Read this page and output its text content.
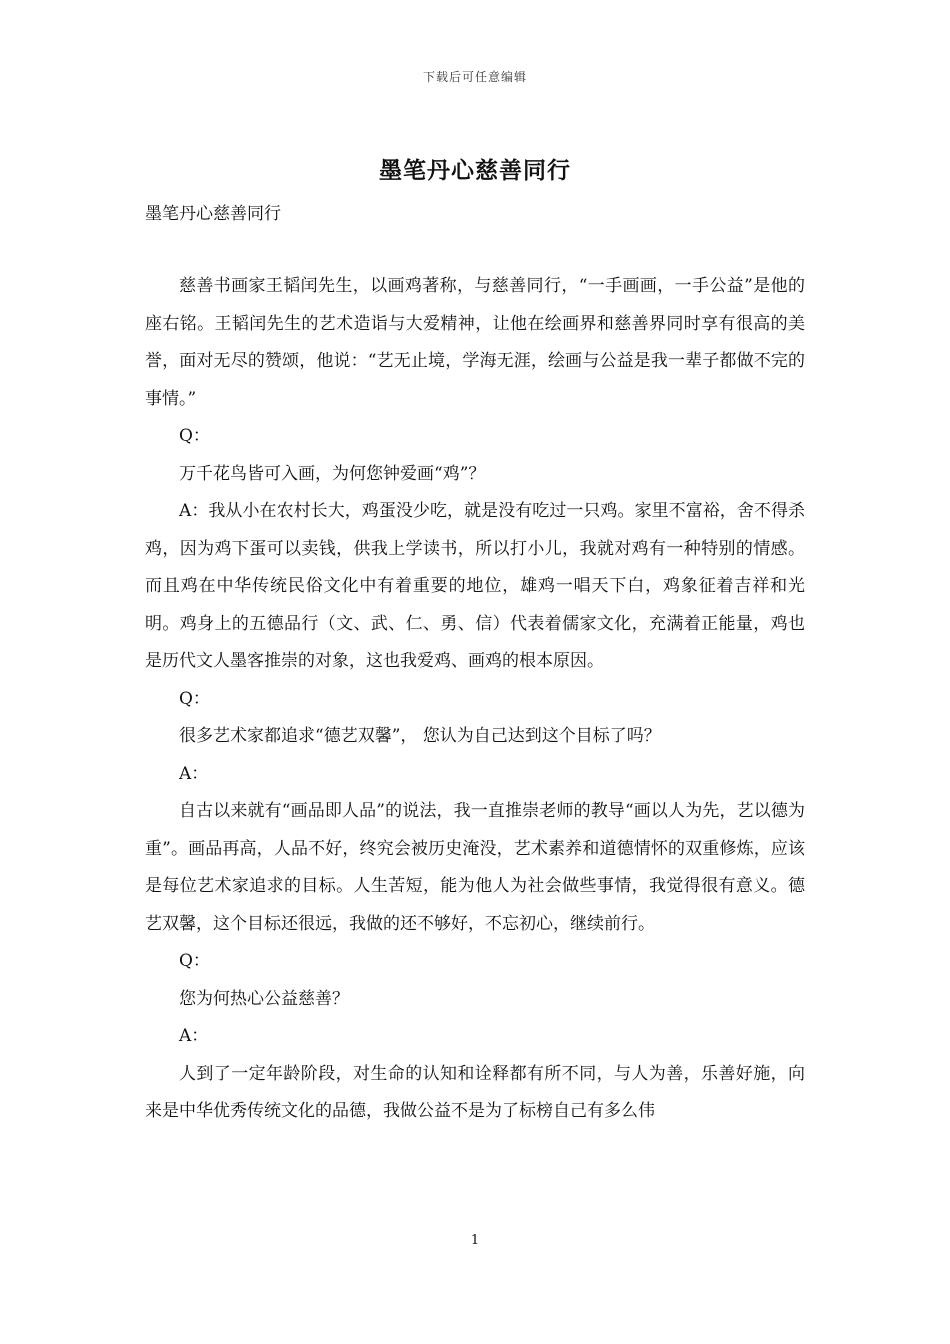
下载后可任意编辑
墨笔丹心慈善同行
墨笔丹心慈善同行

慈善书画家王韬闰先生，以画鸡著称，与慈善同行，“一手画画，一手公益”是他的座右铭。王韬闰先生的艺术造诣与大爱精神，让他在绘画界和慈善界同时享有很高的美誉，面对无尽的赞颂，他说：“艺无止境，学海无涯，绘画与公益是我一辈子都做不完的事情。”

Q：

万千花鸟皆可入画，为何您钟爱画“鸡”？

A：我从小在农村长大，鸡蛋没少吃，就是没有吃过一只鸡。家里不富裕，舍不得杀鸡，因为鸡下蛋可以卖钱，供我上学读书，所以打小儿，我就对鸡有一种特别的情感。而且鸡在中华传统民俗文化中有着重要的地位，雄鸡一唱天下白，鸡象征着吉祥和光明。鸡身上的五德品行（文、武、仁、勇、信）代表着儒家文化，充满着正能量，鸡也是历代文人墨客推崇的对象，这也我爱鸡、画鸡的根本原因。

Q：

很多艺术家都追求“德艺双馨”， 您认为自己达到这个目标了吗？

A：

自古以来就有“画品即人品”的说法，我一直推崇老师的教导“画以人为先，艺以德为重”。画品再高，人品不好，终究会被历史淹没，艺术素养和道德情怀的双重修炼，应该是每位艺术家追求的目标。人生苦短，能为他人为社会做些事情，我觉得很有意义。德艺双馨，这个目标还很远，我做的还不够好，不忘初心，继续前行。

Q：

您为何热心公益慈善？

A：

人到了一定年龄阶段，对生命的认知和诠释都有所不同，与人为善，乐善好施，向来是中华优秀传统文化的品德，我做公益不是为了标榜自己有多么伟

1
